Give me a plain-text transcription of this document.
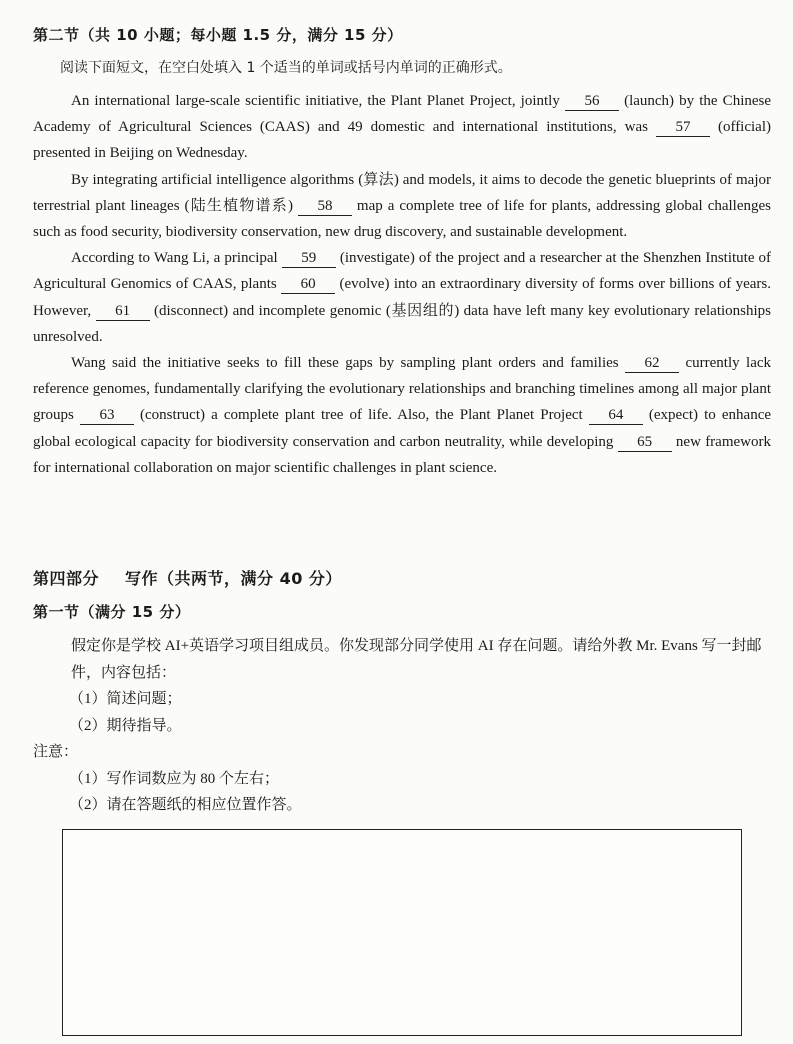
第二节（共 10 小题；每小题 1.5 分，满分 15 分）
阅读下面短文，在空白处填入 1 个适当的单词或括号内单词的正确形式。

An international large-scale scientific initiative, the Plant Planet Project, jointly 56 (launch) by the Chinese Academy of Agricultural Sciences (CAAS) and 49 domestic and international institutions, was 57 (official) presented in Beijing on Wednesday.

By integrating artificial intelligence algorithms (算法) and models, it aims to decode the genetic blueprints of major terrestrial plant lineages (陆生植物谱系) 58 map a complete tree of life for plants, addressing global challenges such as food security, biodiversity conservation, new drug discovery, and sustainable development.

According to Wang Li, a principal 59 (investigate) of the project and a researcher at the Shenzhen Institute of Agricultural Genomics of CAAS, plants 60 (evolve) into an extraordinary diversity of forms over billions of years. However, 61 (disconnect) and incomplete genomic (基因组的) data have left many key evolutionary relationships unresolved.

Wang said the initiative seeks to fill these gaps by sampling plant orders and families 62 currently lack reference genomes, fundamentally clarifying the evolutionary relationships and branching timelines among all major plant groups 63 (construct) a complete plant tree of life. Also, the Plant Planet Project 64 (expect) to enhance global ecological capacity for biodiversity conservation and carbon neutrality, while developing 65 new framework for international collaboration on major scientific challenges in plant science.

第四部分 写作（共两节，满分 40 分）
第一节（满分 15 分）

假定你是学校 AI+英语学习项目组成员。你发现部分同学使用 AI 存在问题。请给外教 Mr. Evans 写一封邮件，内容包括：

（1）简述问题；

（2）期待指导。

注意：

（1）写作词数应为 80 个左右；

（2）请在答题纸的相应位置作答。
